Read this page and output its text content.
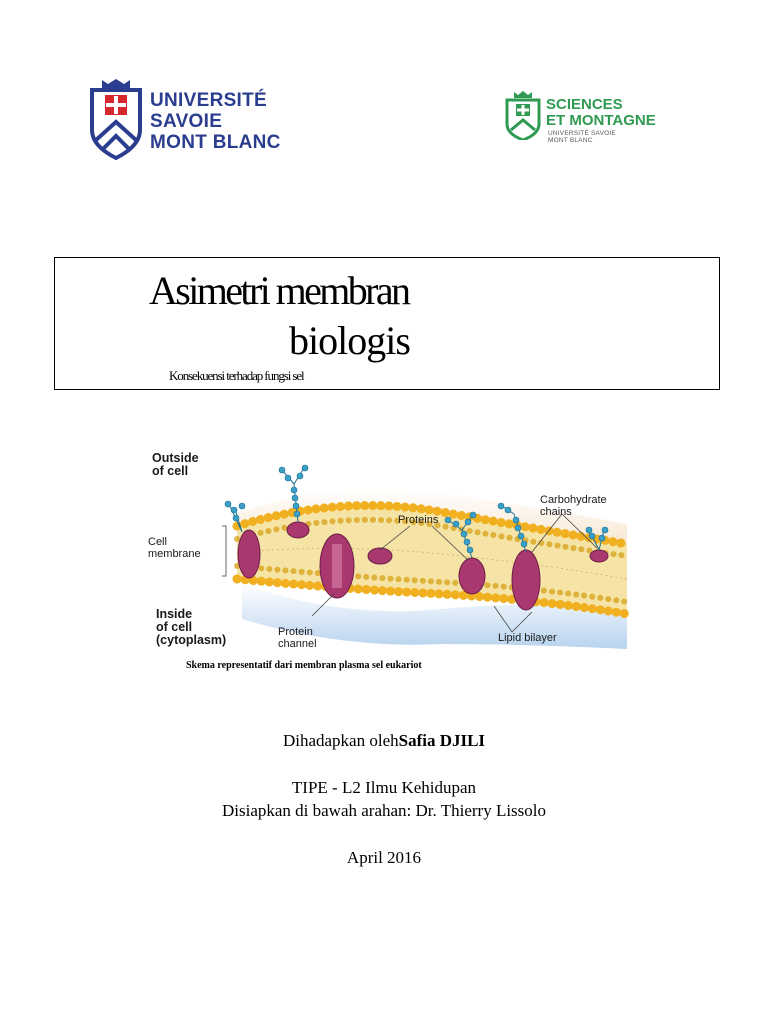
UNIVERSITÉ
SAVOIE
MONT BLANC
SCIENCES
ET MONTAGNE
UNIVERSITÉ SAVOIE
MONT BLANC
Asimetri membran
biologis
Konsekuensi terhadap fungsi sel
Outside
of cell
Cell
membrane
Inside
of cell
(cytoplasm)
Proteins
Carbohydrate
chains
Protein
channel	Lipid bilayer
Skema representatif dari membran plasma sel eukariot
Dihadapkan olehSafia DJILI
TIPE - L2 Ilmu Kehidupan
Disiapkan di bawah arahan: Dr. Thierry Lissolo
April 2016
